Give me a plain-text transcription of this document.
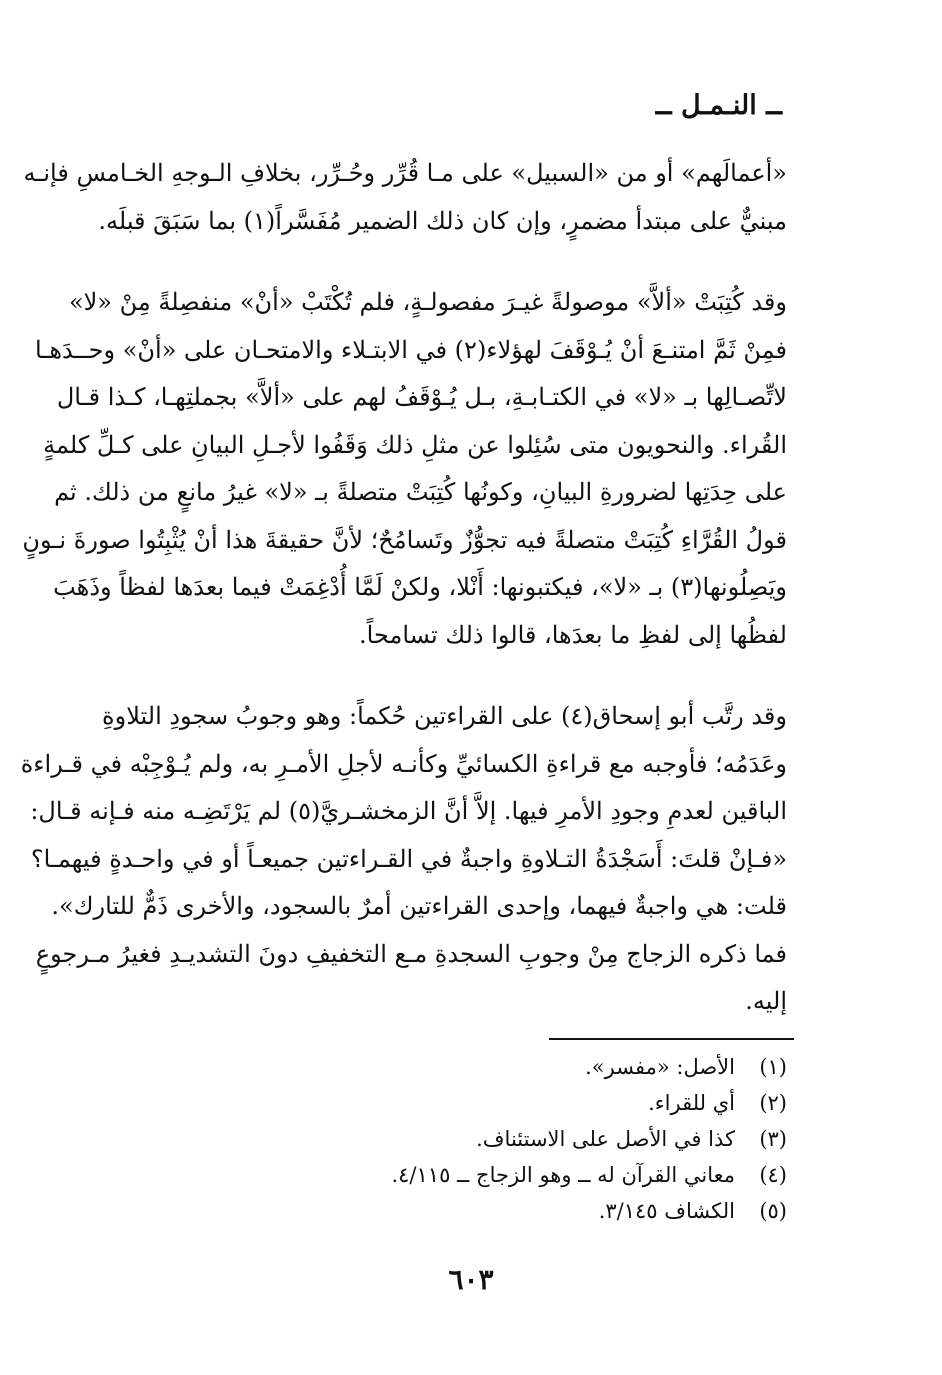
ــ النـمـل ــ
«أعمالَهم» أو من «السبيل» على مـا قُرِّر وحُـرِّر، بخلافِ الـوجهِ الخـامسِ فإنـه
مبنيٌّ على مبتدأ مضمرٍ، وإن كان ذلك الضمير مُفَسَّراً(١) بما سَبَقَ قبلَه.
وقد كُتِبَتْ «ألاَّ» موصولةً غيـرَ مفصولـةٍ، فلم تُكْتَبْ «أنْ» منفصِلةً مِنْ «لا»
فمِنْ ثَمَّ امتنـعَ أنْ يُـوْقَفَ لهؤلاء(٢) في الابتـلاء والامتحـان على «أنْ» وحــدَهـا
لاتِّصـالِها بـ «لا» في الكتـابـةِ، بـل يُـوْقَفُ لهم على «ألاَّ» بجملتِهـا، كـذا قـال
القُراء. والنحويون متى سُئِلوا عن مثلِ ذلك وَقَفُوا لأجـلِ البيانِ على كـلِّ كلمةٍ
على حِدَتِها لضرورةِ البيانِ، وكونُها كُتِبَتْ متصلةً بـ «لا» غيرُ مانعٍ من ذلك. ثم
قولُ القُرَّاءِ كُتِبَتْ متصلةً فيه تجوُّزٌ وتَسامُحٌ؛ لأنَّ حقيقةَ هذا أنْ يُثْبِتُوا صورةَ نـونٍ
ويَصِلُونها(٣) بـ «لا»، فيكتبونها: أَنْلا، ولكنْ لَمَّا أُدْغِمَتْ فيما بعدَها لفظاً وذَهَبَ
لفظُها إلى لفظِ ما بعدَها، قالوا ذلك تسامحاً.
وقد رتَّب أبو إسحاق(٤) على القراءتين حُكماً: وهو وجوبُ سجودِ التلاوةِ
وعَدَمُه؛ فأوجبه مع قراءةِ الكسائيِّ وكأنـه لأجلِ الأمـرِ به، ولم يُـوْجِبْه في قـراءة
الباقين لعدمِ وجودِ الأمرِ فيها. إلاَّ أنَّ الزمخشـريَّ(٥) لم يَرْتَضِـه منه فـإنه قـال:
«فـإنْ قلتَ: أَسَجْدَةُ التـلاوةِ واجبةٌ في القـراءتين جميعـاً أو في واحـدةٍ فيهمـا؟
قلت: هي واجبةٌ فيهما، وإحدى القراءتين أمرٌ بالسجود، والأخرى ذَمٌّ للتارك».
فما ذكره الزجاج مِنْ وجوبِ السجدةِ مـع التخفيفِ دونَ التشديـدِ فغيرُ مـرجوعٍ
إليه.
(١)
الأصل: «مفسر».
(٢)
أي للقراء.
(٣)
كذا في الأصل على الاستئناف.
(٤)
معاني القرآن له ــ وهو الزجاج ــ ٤/١١٥.
(٥)
الكشاف ٣/١٤٥.
٦٠٣
